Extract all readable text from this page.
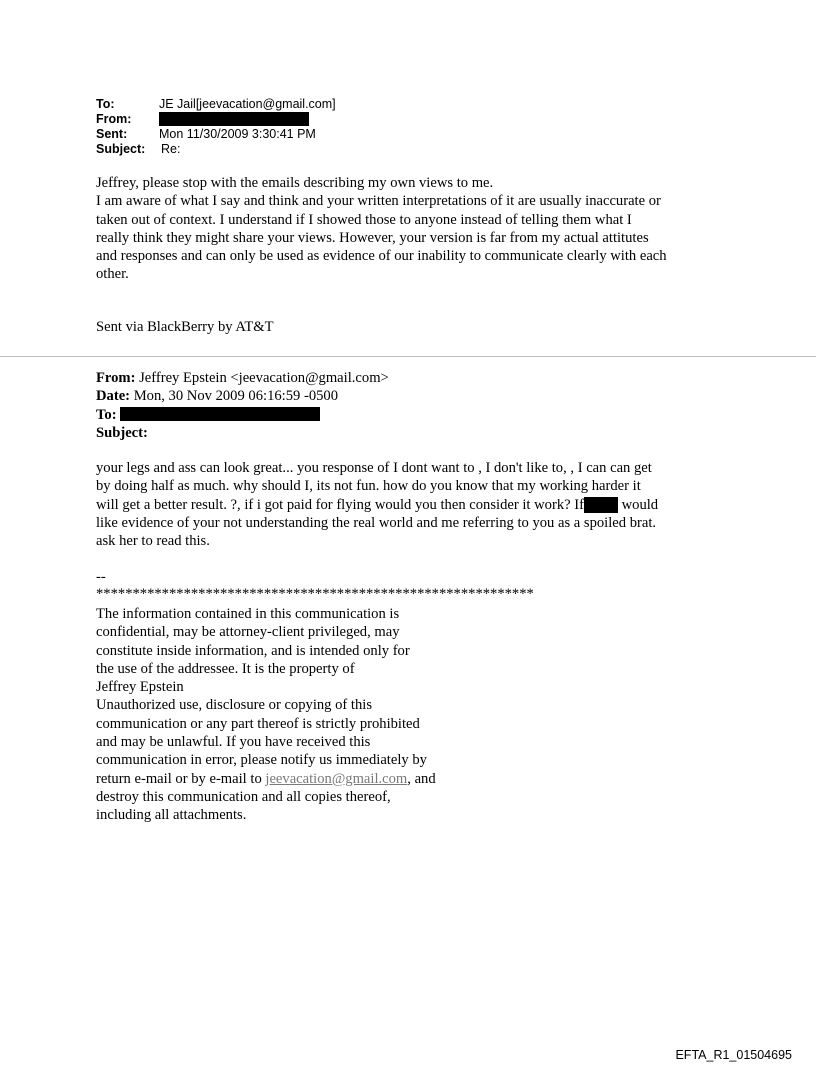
To:	JE Jail[jeevacation@gmail.com]
From:
Sent:	Mon 11/30/2009 3:30:41 PM
Subject: Re:
Jeffrey, please stop with the emails describing my own views to me.
I am aware of what I say and think and your written interpretations of it are usually inaccurate or
taken out of context. I understand if I showed those to anyone instead of telling them what I
really think they might share your views. However, your version is far from my actual attitutes
and responses and can only be used as evidence of our inability to communicate clearly with each
other.
Sent via BlackBerry by AT&T
From: Jeffrey Epstein <jeevacation@gmail.com>
Date: Mon, 30 Nov 2009 06:16:59 -0500
To:
Subject:
your legs and ass can look great... you response of I dont want to , I don't like to, , I can can get
by doing half as much. why should I, its not fun. how do you know that my working harder it
will get a better result. ?, if i got paid for flying would you then consider it work? If would
like evidence of your not understanding the real world and me referring to you as a spoiled brat.
ask her to read this.
--
************************************************************
The information contained in this communication is
confidential, may be attorney-client privileged, may
constitute inside information, and is intended only for
the use of the addressee. It is the property of
Jeffrey Epstein
Unauthorized use, disclosure or copying of this
communication or any part thereof is strictly prohibited
and may be unlawful. If you have received this
communication in error, please notify us immediately by
return e-mail or by e-mail to jeevacation@gmail.com, and
destroy this communication and all copies thereof,
including all attachments.
EFTA_R1_01504695
